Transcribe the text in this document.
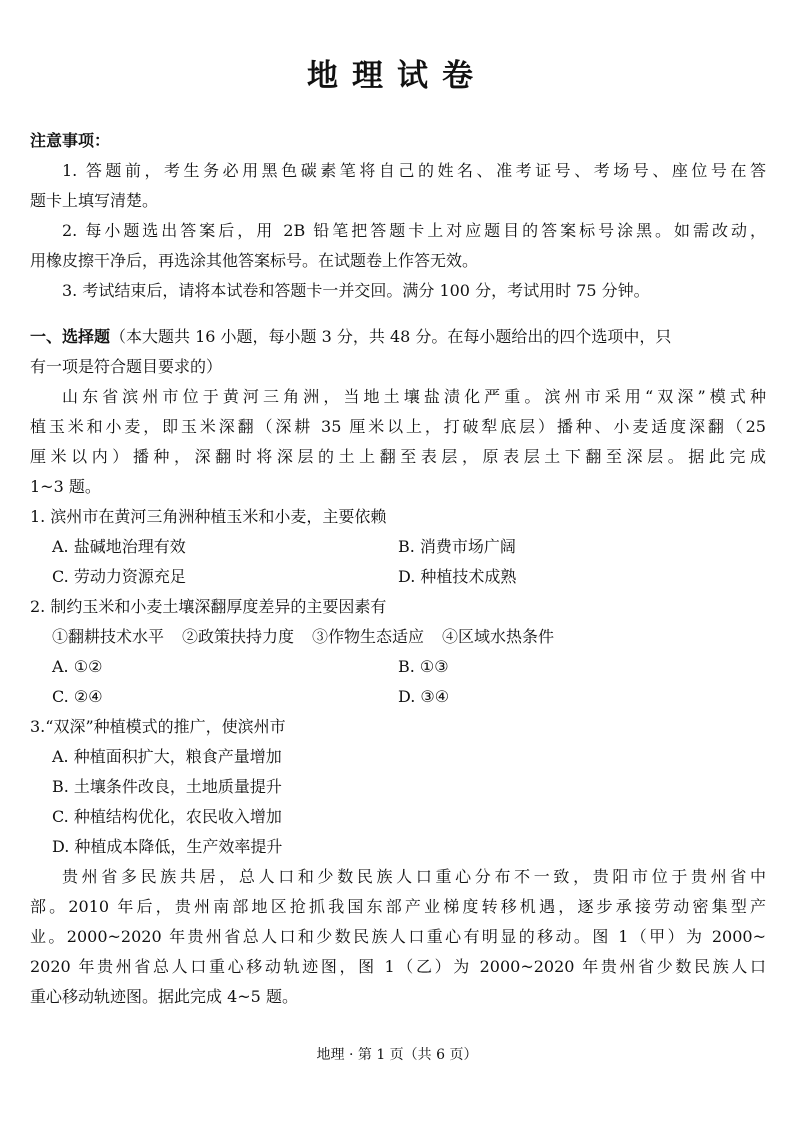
地理试卷
注意事项：
1. 答题前，考生务必用黑色碳素笔将自己的姓名、准考证号、考场号、座位号在答
题卡上填写清楚。
2. 每小题选出答案后，用 2B 铅笔把答题卡上对应题目的答案标号涂黑。如需改动，
用橡皮擦干净后，再选涂其他答案标号。在试题卷上作答无效。
3. 考试结束后，请将本试卷和答题卡一并交回。满分 100 分，考试用时 75 分钟。
一、选择题（本大题共 16 小题，每小题 3 分，共 48 分。在每小题给出的四个选项中，只
有一项是符合题目要求的）
山东省滨州市位于黄河三角洲，当地土壤盐渍化严重。滨州市采用“双深”模式种
植玉米和小麦，即玉米深翻（深耕 35 厘米以上，打破犁底层）播种、小麦适度深翻（25
厘米以内）播种，深翻时将深层的土上翻至表层，原表层土下翻至深层。据此完成
1~3 题。
1. 滨州市在黄河三角洲种植玉米和小麦，主要依赖
A. 盐碱地治理有效	B. 消费市场广阔
C. 劳动力资源充足	D. 种植技术成熟
2. 制约玉米和小麦土壤深翻厚度差异的主要因素有
①翻耕技术水平 ②政策扶持力度 ③作物生态适应 ④区域水热条件
A. ①②	B. ①③
C. ②④	D. ③④
3.“双深”种植模式的推广，使滨州市
A. 种植面积扩大，粮食产量增加
B. 土壤条件改良，土地质量提升
C. 种植结构优化，农民收入增加
D. 种植成本降低，生产效率提升
贵州省多民族共居，总人口和少数民族人口重心分布不一致，贵阳市位于贵州省中
部。2010 年后，贵州南部地区抢抓我国东部产业梯度转移机遇，逐步承接劳动密集型产
业。2000~2020 年贵州省总人口和少数民族人口重心有明显的移动。图 1（甲）为 2000~
2020 年贵州省总人口重心移动轨迹图，图 1（乙）为 2000~2020 年贵州省少数民族人口
重心移动轨迹图。据此完成 4~5 题。
地理 · 第 1 页（共 6 页）
